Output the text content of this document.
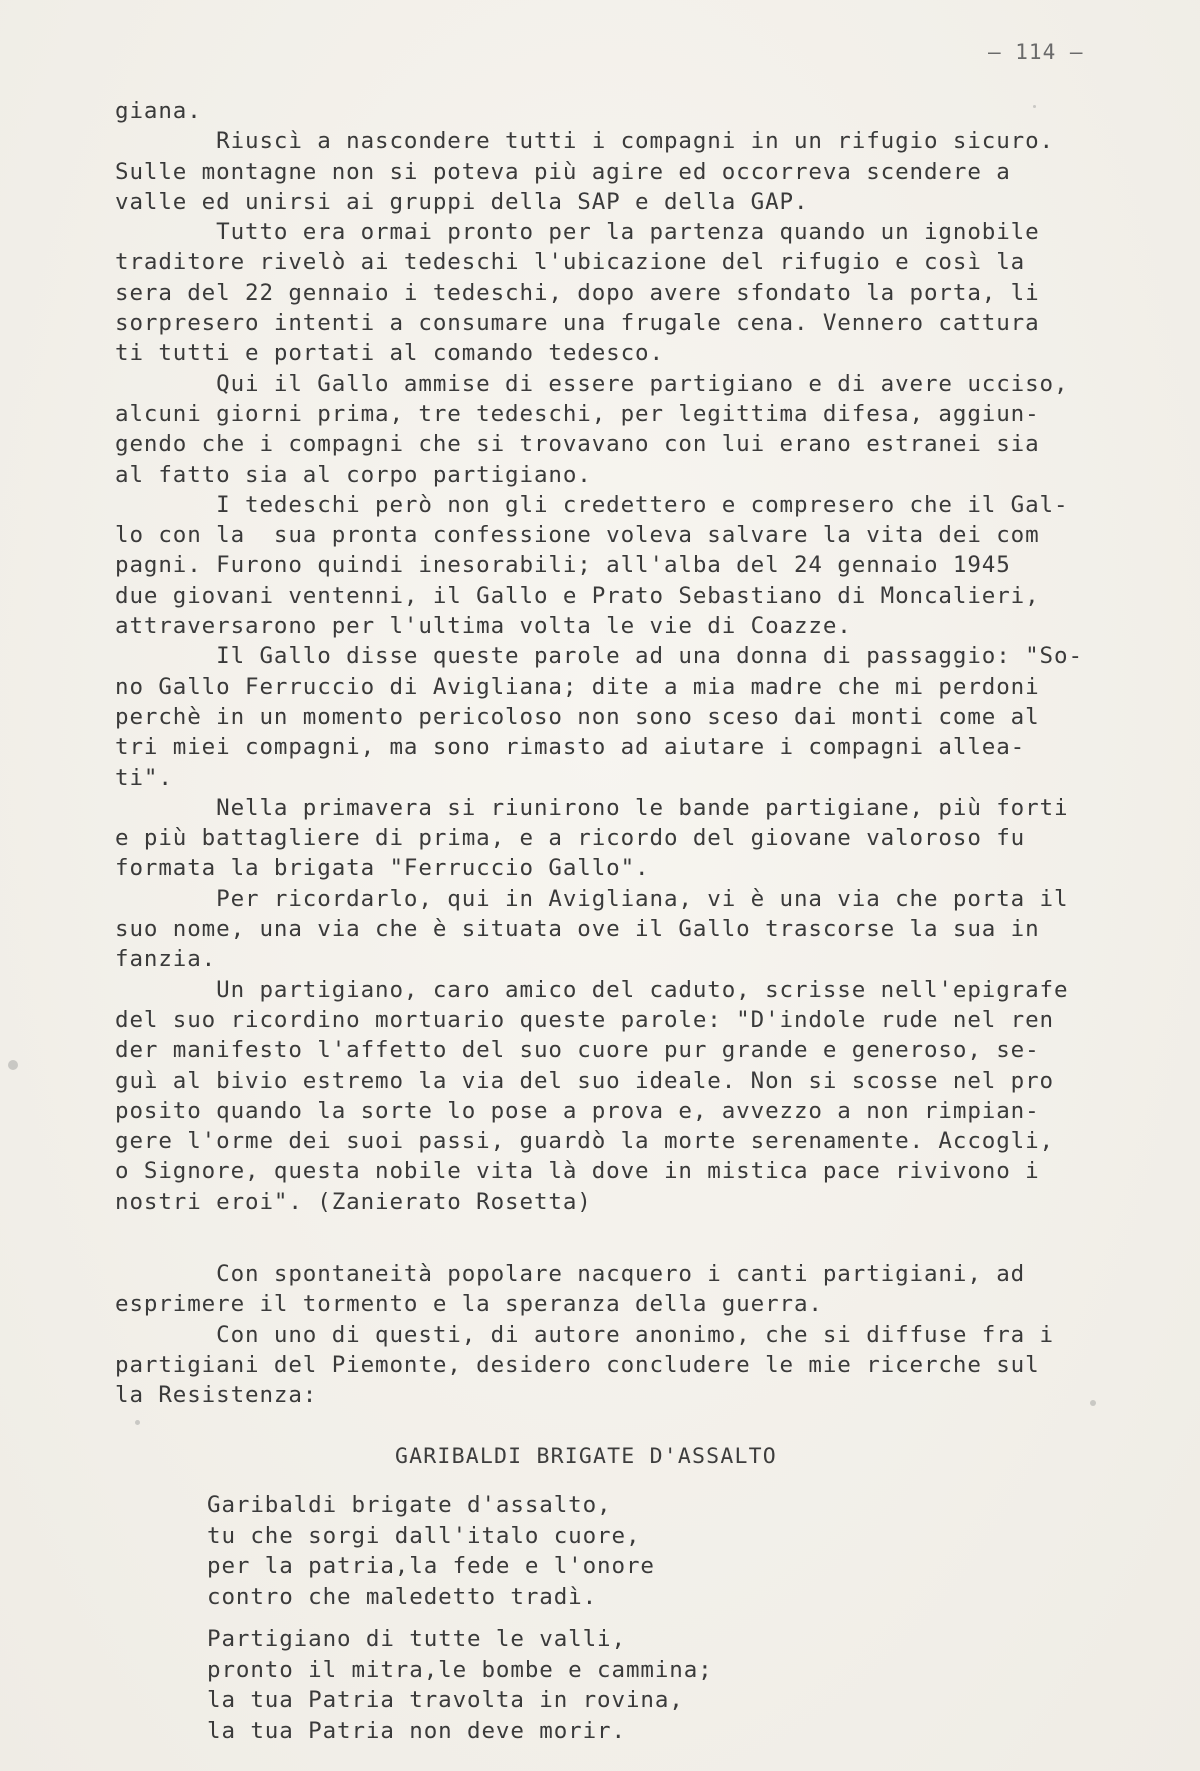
– 114 –
giana.
Riuscì a nascondere tutti i compagni in un rifugio sicuro.
Sulle montagne non si poteva più agire ed occorreva scendere a
valle ed unirsi ai gruppi della SAP e della GAP.
Tutto era ormai pronto per la partenza quando un ignobile
traditore rivelò ai tedeschi l'ubicazione del rifugio e così la
sera del 22 gennaio i tedeschi, dopo avere sfondato la porta, li
sorpresero intenti a consumare una frugale cena. Vennero cattura
ti tutti e portati al comando tedesco.
Qui il Gallo ammise di essere partigiano e di avere ucciso,
alcuni giorni prima, tre tedeschi, per legittima difesa, aggiun-
gendo che i compagni che si trovavano con lui erano estranei sia
al fatto sia al corpo partigiano.
I tedeschi però non gli credettero e compresero che il Gal-
lo con la  sua pronta confessione voleva salvare la vita dei com
pagni. Furono quindi inesorabili; all'alba del 24 gennaio 1945
due giovani ventenni, il Gallo e Prato Sebastiano di Moncalieri,
attraversarono per l'ultima volta le vie di Coazze.
Il Gallo disse queste parole ad una donna di passaggio: "So-
no Gallo Ferruccio di Avigliana; dite a mia madre che mi perdoni
perchè in un momento pericoloso non sono sceso dai monti come al
tri miei compagni, ma sono rimasto ad aiutare i compagni allea-
ti".
Nella primavera si riunirono le bande partigiane, più forti
e più battagliere di prima, e a ricordo del giovane valoroso fu
formata la brigata "Ferruccio Gallo".
Per ricordarlo, qui in Avigliana, vi è una via che porta il
suo nome, una via che è situata ove il Gallo trascorse la sua in
fanzia.
Un partigiano, caro amico del caduto, scrisse nell'epigrafe
del suo ricordino mortuario queste parole: "D'indole rude nel ren
der manifesto l'affetto del suo cuore pur grande e generoso, se-
guì al bivio estremo la via del suo ideale. Non si scosse nel pro
posito quando la sorte lo pose a prova e, avvezzo a non rimpian-
gere l'orme dei suoi passi, guardò la morte serenamente. Accogli,
o Signore, questa nobile vita là dove in mistica pace rivivono i
nostri eroi". (Zanierato Rosetta)
Con spontaneità popolare nacquero i canti partigiani, ad
esprimere il tormento e la speranza della guerra.
Con uno di questi, di autore anonimo, che si diffuse fra i
partigiani del Piemonte, desidero concludere le mie ricerche sul
la Resistenza:
GARIBALDI BRIGATE D'ASSALTO
Garibaldi brigate d'assalto,
tu che sorgi dall'italo cuore,
per la patria,la fede e l'onore
contro che maledetto tradì.
Partigiano di tutte le valli,
pronto il mitra,le bombe e cammina;
la tua Patria travolta in rovina,
la tua Patria non deve morir.
